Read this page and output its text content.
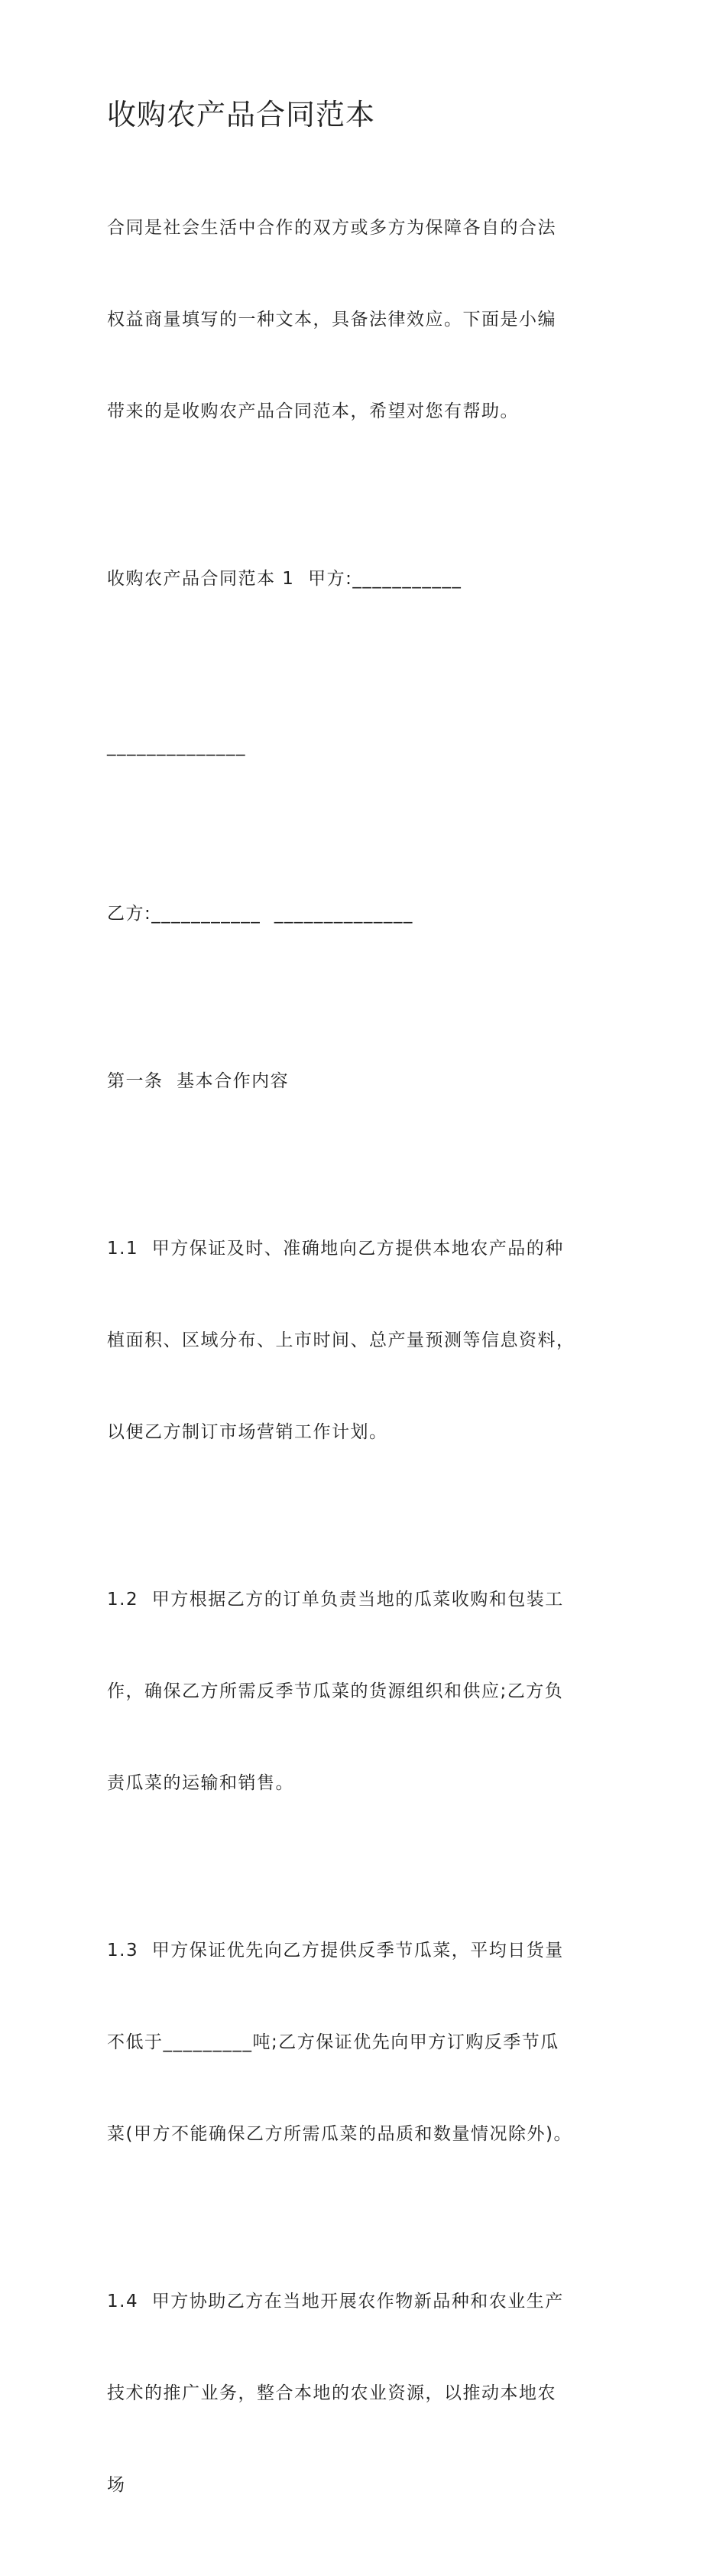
收购农产品合同范本

合同是社会生活中合作的双方或多方为保障各自的合法

权益商量填写的一种文本，具备法律效应。下面是小编

带来的是收购农产品合同范本，希望对您有帮助。

收购农产品合同范本 1  甲方:___________

______________

乙方:___________  ______________

第一条  基本合作内容

1.1  甲方保证及时、准确地向乙方提供本地农产品的种

植面积、区域分布、上市时间、总产量预测等信息资料，

以便乙方制订市场营销工作计划。

1.2  甲方根据乙方的订单负责当地的瓜菜收购和包装工

作，确保乙方所需反季节瓜菜的货源组织和供应;乙方负

责瓜菜的运输和销售。

1.3  甲方保证优先向乙方提供反季节瓜菜，平均日货量

不低于_________吨;乙方保证优先向甲方订购反季节瓜

菜(甲方不能确保乙方所需瓜菜的品质和数量情况除外)。

1.4  甲方协助乙方在当地开展农作物新品种和农业生产

技术的推广业务，整合本地的农业资源，以推动本地农

场
